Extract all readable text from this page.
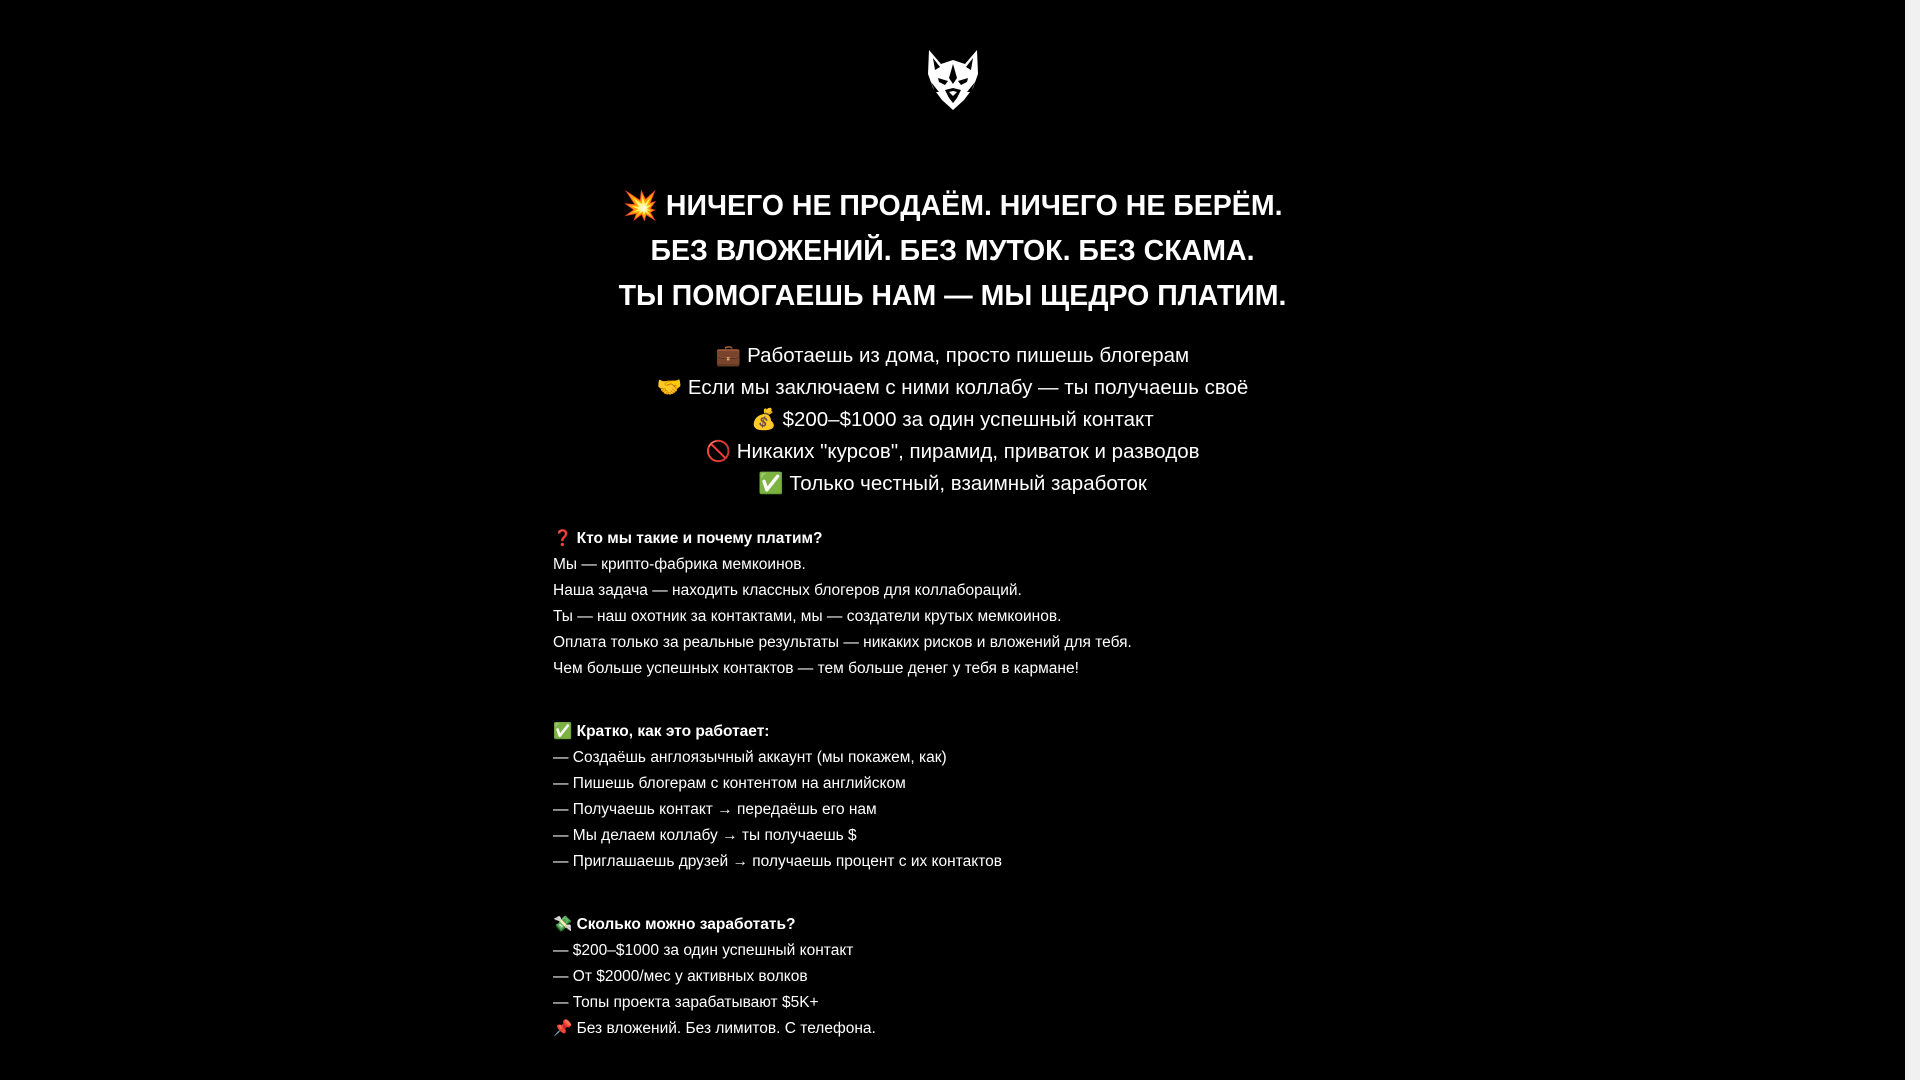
💥 НИЧЕГО НЕ ПРОДАЁМ. НИЧЕГО НЕ БЕРЁМ.
БЕЗ ВЛОЖЕНИЙ. БЕЗ МУТОК. БЕЗ СКАМА.
ТЫ ПОМОГАЕШЬ НАМ — МЫ ЩЕДРО ПЛАТИМ.
💼 Работаешь из дома, просто пишешь блогерам
🤝 Если мы заключаем с ними коллабу — ты получаешь своё
💰 $200–$1000 за один успешный контакт
🚫 Никаких "курсов", пирамид, приваток и разводов
✅ Только честный, взаимный заработок
❓ Кто мы такие и почему платим?
Мы — крипто-фабрика мемкоинов.
Наша задача — находить классных блогеров для коллабораций.
Ты — наш охотник за контактами, мы — создатели крутых мемкоинов.
Оплата только за реальные результаты — никаких рисков и вложений для тебя.
Чем больше успешных контактов — тем больше денег у тебя в кармане!
✅ Кратко, как это работает:
— Создаёшь англоязычный аккаунт (мы покажем, как)
— Пишешь блогерам с контентом на английском
— Получаешь контакт → передаёшь его нам
— Мы делаем коллабу → ты получаешь $
— Приглашаешь друзей → получаешь процент с их контактов
💸 Сколько можно заработать?
— $200–$1000 за один успешный контакт
— От $2000/мес у активных волков
— Топы проекта зарабатывают $5K+
📌 Без вложений. Без лимитов. С телефона.
